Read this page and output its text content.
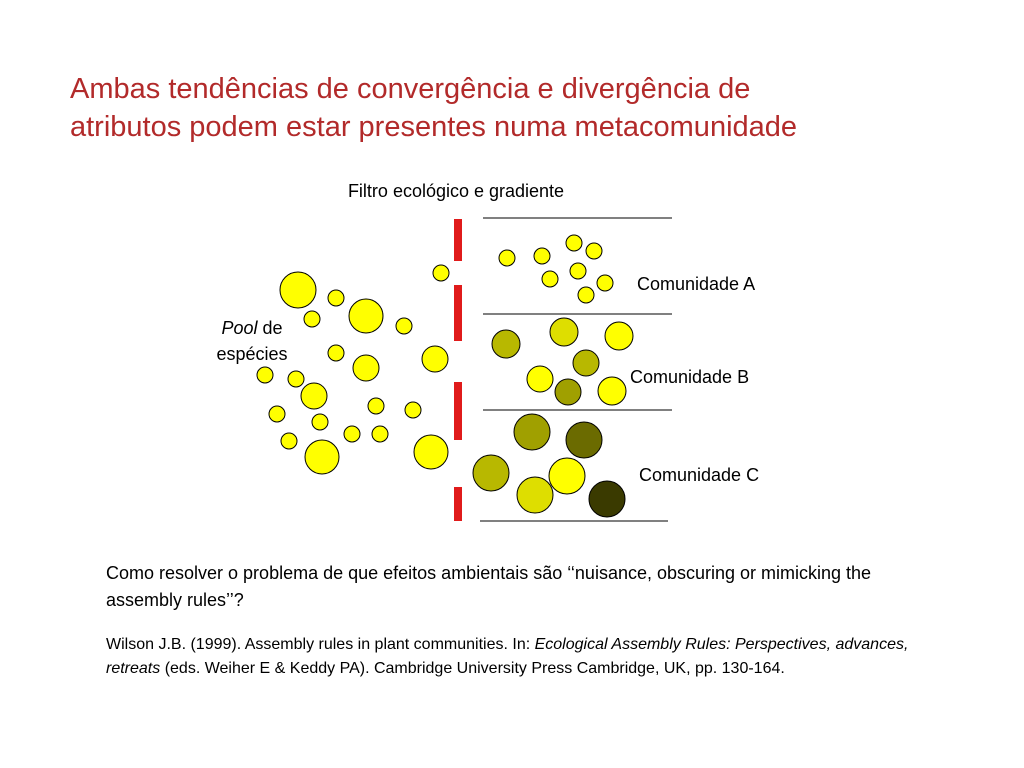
Ambas tendências de convergência e divergência de
atributos podem estar presentes numa metacomunidade
Filtro ecológico e gradiente
Pool de
espécies
Comunidade A
Comunidade B
Comunidade C
Como resolver o problema de que efeitos ambientais são ‘‘nuisance, obscuring or mimicking the assembly rules’’?
Wilson J.B. (1999). Assembly rules in plant communities. In: Ecological Assembly Rules: Perspectives, advances, retreats (eds. Weiher E & Keddy PA). Cambridge University Press Cambridge, UK, pp. 130-164.
